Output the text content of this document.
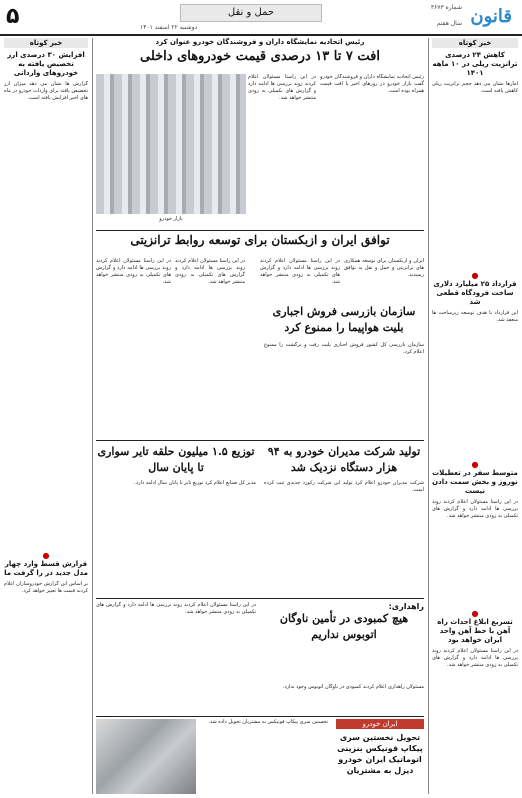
قانون
شماره ۳۶۷۳
سال هفتم
حمل و نقل
دوشنبه ۲۲ اسفند ۱۴۰۱
۵
خبر کوتاه
کاهش ۲۴ درصدی ترانزیت ریلی در ۱۰ ماهه ۱۴۰۱
آمارها نشان می دهد حجم ترانزیت ریلی کاهش یافته است.
●
قرارداد ۲۵ میلیارد دلاری ساخت فرودگاه قطعی شد
این قرارداد با هدف توسعه زیرساخت ها منعقد شد.
●
متوسط سفر در تعطیلات نوروز و بخش سمت دادن نیست
در این راستا مسئولان اعلام کردند روند بررسی ها ادامه دارد و گزارش های تکمیلی به زودی منتشر خواهد شد.
●
تسریع ابلاغ احداث راه آهن با خط آهن واحد ایران خواهد بود
در این راستا مسئولان اعلام کردند روند بررسی ها ادامه دارد و گزارش های تکمیلی به زودی منتشر خواهد شد.
خبر کوتاه
افزایش ۳۰ درصدی ارز تخصیص یافته به خودروهای وارداتی
گزارش ها نشان می دهد میزان ارز تخصیص یافته برای واردات خودرو در ماه های اخیر افزایش یافته است.
●
قرارش قسط وارد چهار مدل جدید در را گرفت ما
بر اساس این گزارش خودروسازان اعلام کردند قیمت ها تغییر خواهد کرد.
رئیس اتحادیه نمایشگاه داران و فروشندگان خودرو عنوان کرد
افت ۷ تا ۱۳ درصدی قیمت خودروهای داخلی
رئیس اتحادیه نمایشگاه داران و فروشندگان خودرو گفت بازار خودرو در روزهای اخیر با افت قیمت همراه بوده است.
در این راستا مسئولان اعلام کردند روند بررسی ها ادامه دارد و گزارش های تکمیلی به زودی منتشر خواهد شد.
بازار خودرو
توافق ایران و ازبکستان برای توسعه روابط ترانزیتی
ایران و ازبکستان برای توسعه همکاری های ترانزیتی و حمل و نقل به توافق رسیدند.
در این راستا مسئولان اعلام کردند روند بررسی ها ادامه دارد و گزارش های تکمیلی به زودی منتشر خواهد شد.
در این راستا مسئولان اعلام کردند روند بررسی ها ادامه دارد و گزارش های تکمیلی به زودی منتشر خواهد شد.
در این راستا مسئولان اعلام کردند روند بررسی ها ادامه دارد و گزارش های تکمیلی به زودی منتشر خواهد شد.
سازمان بازرسی فروش اجباری بلیت هواپیما را ممنوع کرد
سازمان بازرسی کل کشور فروش اجباری بلیت رفت و برگشت را ممنوع اعلام کرد.
توزیع ۱.۵ میلیون حلقه تایر سواری تا پایان سال
مدیر کل صنایع اعلام کرد توزیع تایر تا پایان سال ادامه دارد.
تولید شرکت مدیران خودرو به ۹۴ هزار دستگاه نزدیک شد
شرکت مدیران خودرو اعلام کرد تولید این شرکت رکورد جدیدی ثبت کرده است.
راهداری:
هیچ کمبودی در تأمین ناوگان اتوبوس نداریم
مسئولان راهداری اعلام کردند کمبودی در ناوگان اتوبوس وجود ندارد.
در این راستا مسئولان اعلام کردند روند بررسی ها ادامه دارد و گزارش های تکمیلی به زودی منتشر خواهد شد.
ایران خودرو
تحویل نخستین سری پیکاپ فونیکس بنزینی اتوماتیک ایران خودرو دیزل به مشتریان
نخستین سری پیکاپ فونیکس به مشتریان تحویل داده شد.
